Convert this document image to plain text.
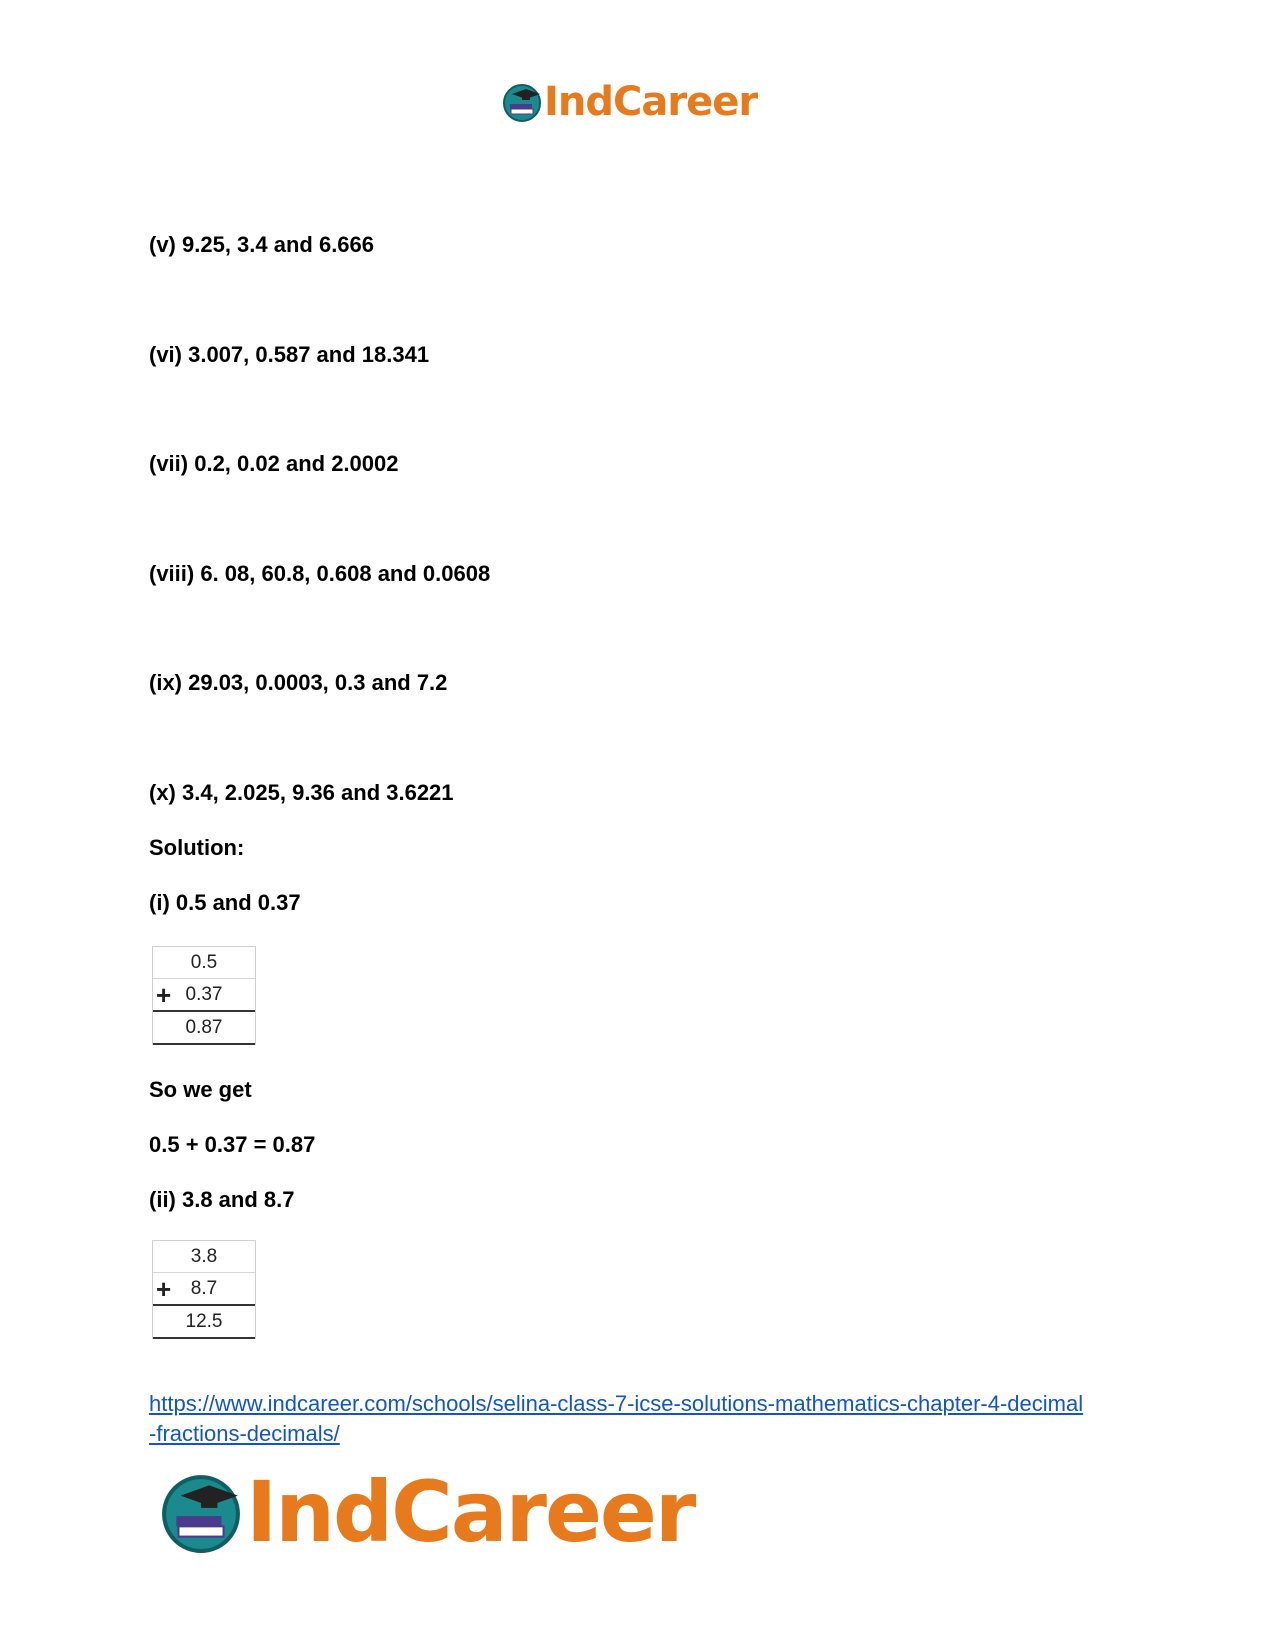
IndCareer
(v) 9.25, 3.4 and 6.666
(vi) 3.007, 0.587 and 18.341
(vii) 0.2, 0.02 and 2.0002
(viii) 6. 08, 60.8, 0.608 and 0.0608
(ix) 29.03, 0.0003, 0.3 and 7.2
(x) 3.4, 2.025, 9.36 and 3.6221
Solution:
(i) 0.5 and 0.37
0.5
+ 0.37
0.87
So we get
0.5 + 0.37 = 0.87
(ii) 3.8 and 8.7
3.8
+ 8.7
12.5
https://www.indcareer.com/schools/selina-class-7-icse-solutions-mathematics-chapter-4-decimal
-fractions-decimals/
IndCareer
